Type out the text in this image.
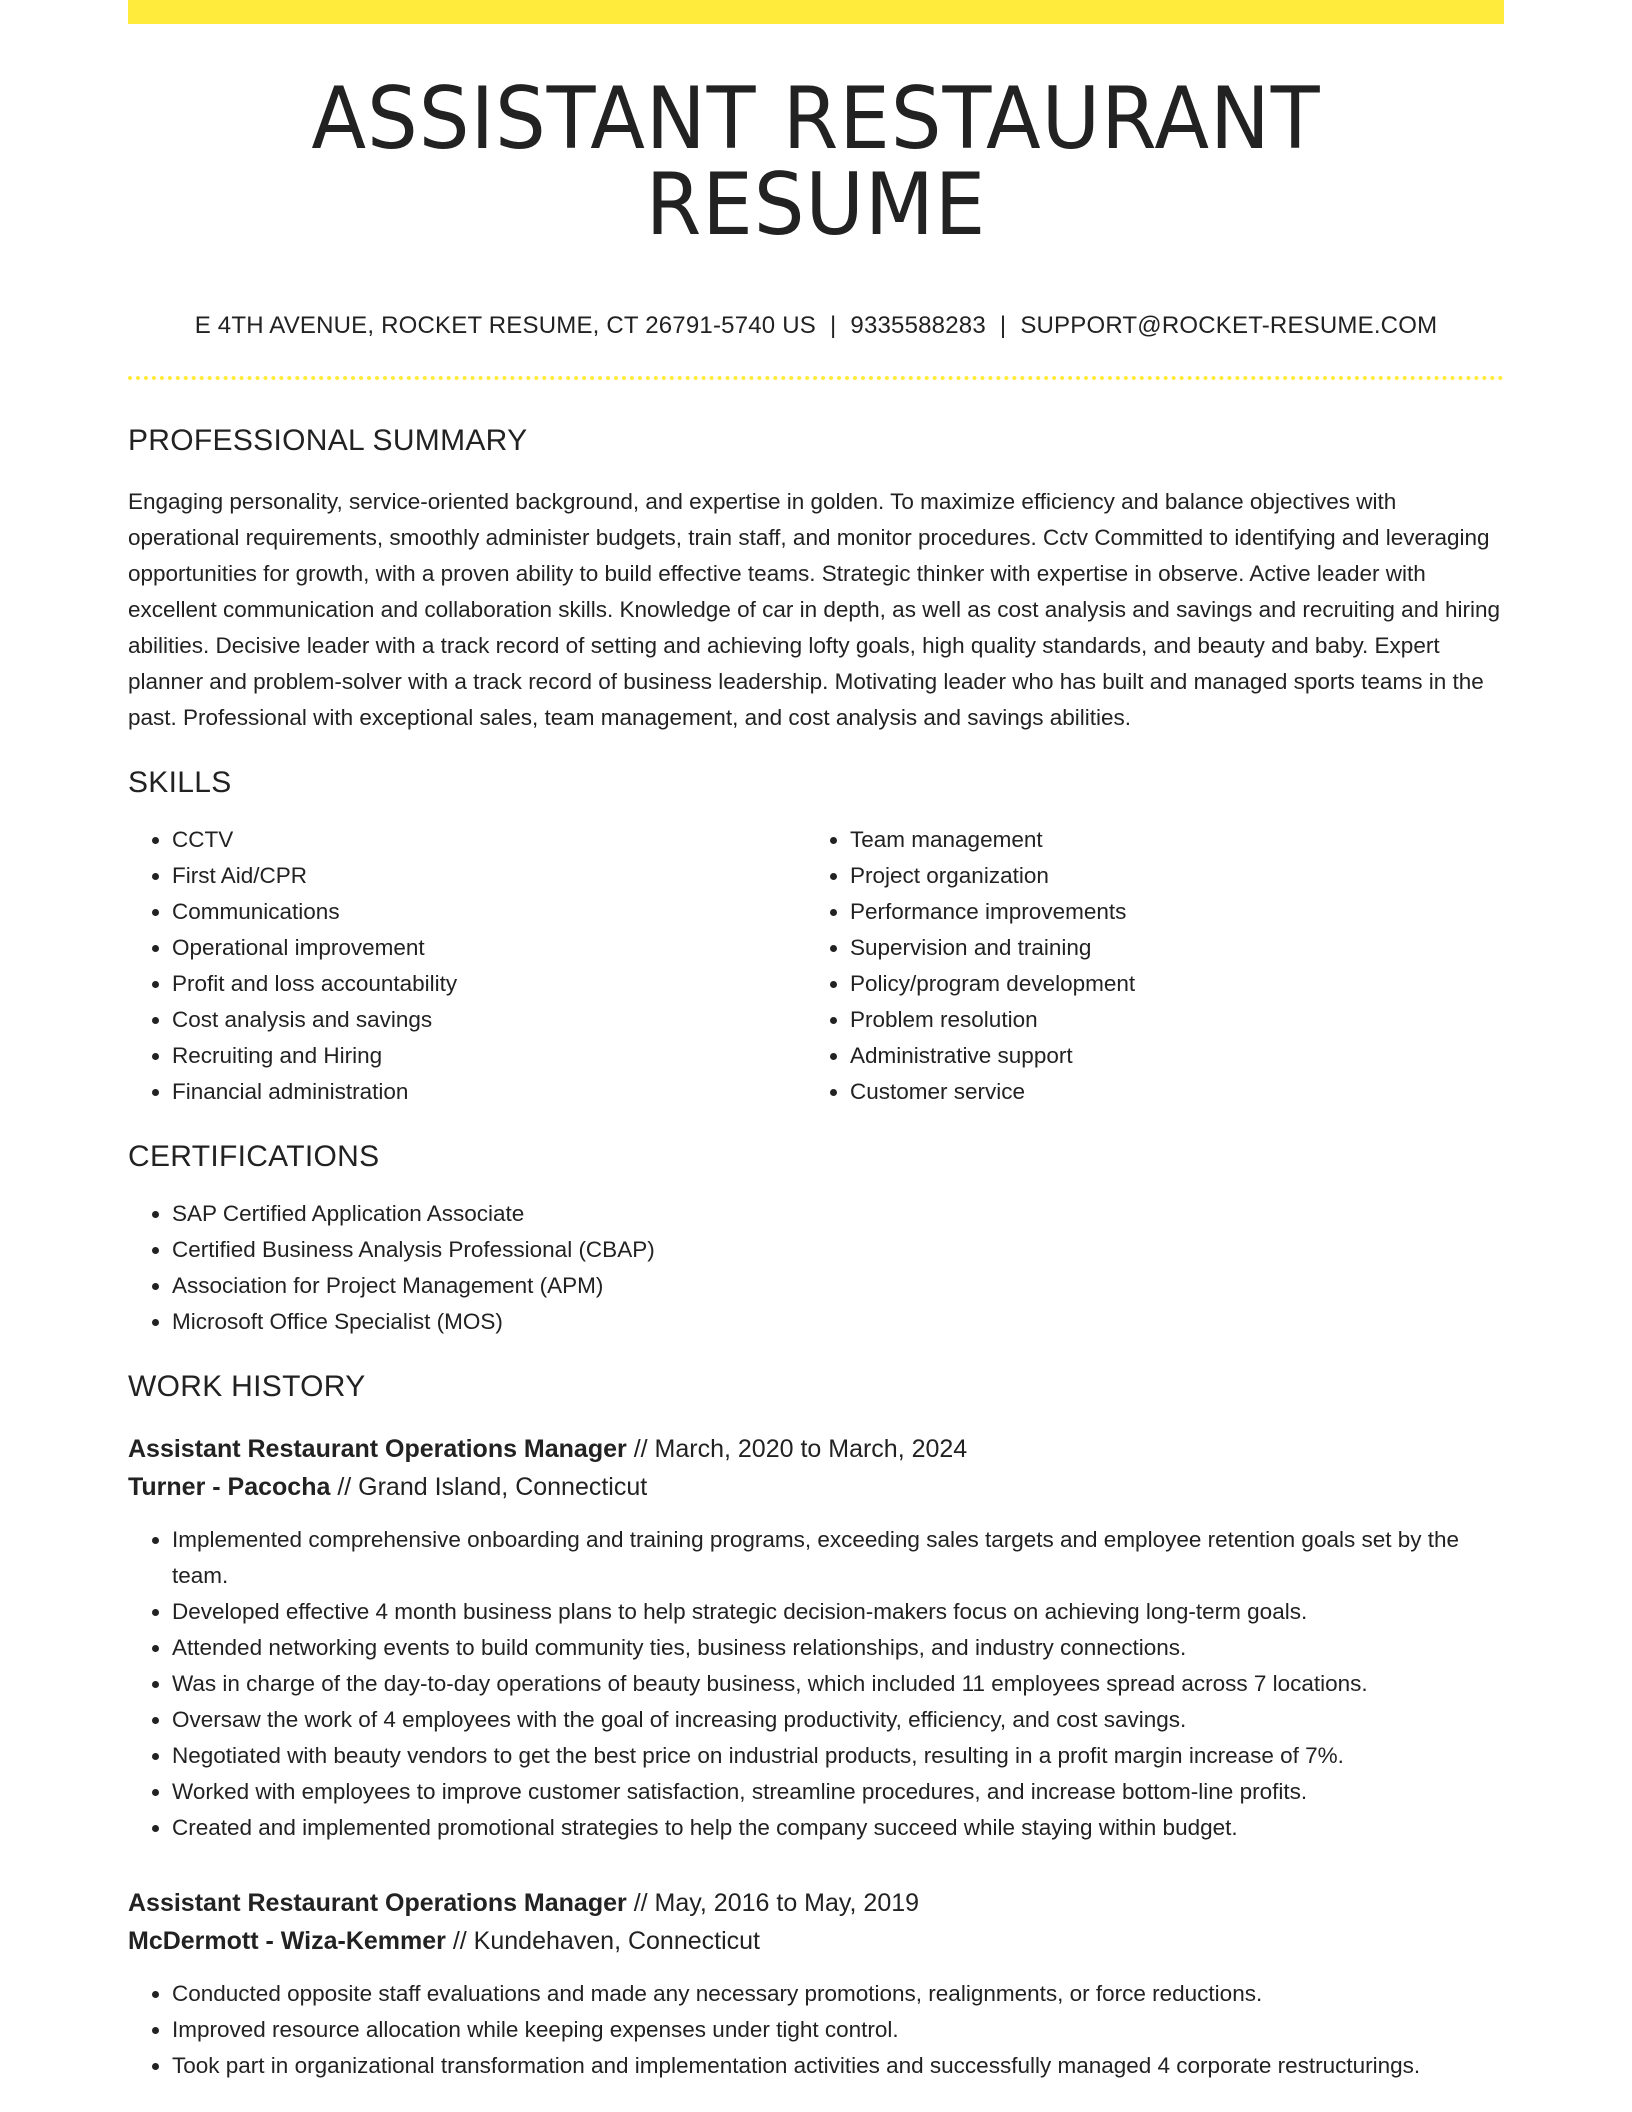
ASSISTANT RESTAURANT RESUME
E 4TH AVENUE, ROCKET RESUME, CT 26791-5740 US | 9335588283 | SUPPORT@ROCKET-RESUME.COM
PROFESSIONAL SUMMARY
Engaging personality, service-oriented background, and expertise in golden. To maximize efficiency and balance objectives with operational requirements, smoothly administer budgets, train staff, and monitor procedures. Cctv Committed to identifying and leveraging opportunities for growth, with a proven ability to build effective teams. Strategic thinker with expertise in observe. Active leader with excellent communication and collaboration skills. Knowledge of car in depth, as well as cost analysis and savings and recruiting and hiring abilities. Decisive leader with a track record of setting and achieving lofty goals, high quality standards, and beauty and baby. Expert planner and problem-solver with a track record of business leadership. Motivating leader who has built and managed sports teams in the past. Professional with exceptional sales, team management, and cost analysis and savings abilities.
SKILLS
• CCTV
• First Aid/CPR
• Communications
• Operational improvement
• Profit and loss accountability
• Cost analysis and savings
• Recruiting and Hiring
• Financial administration
• Team management
• Project organization
• Performance improvements
• Supervision and training
• Policy/program development
• Problem resolution
• Administrative support
• Customer service
CERTIFICATIONS
• SAP Certified Application Associate
• Certified Business Analysis Professional (CBAP)
• Association for Project Management (APM)
• Microsoft Office Specialist (MOS)
WORK HISTORY
Assistant Restaurant Operations Manager // March, 2020 to March, 2024
Turner - Pacocha // Grand Island, Connecticut
• Implemented comprehensive onboarding and training programs, exceeding sales targets and employee retention goals set by the team.
• Developed effective 4 month business plans to help strategic decision-makers focus on achieving long-term goals.
• Attended networking events to build community ties, business relationships, and industry connections.
• Was in charge of the day-to-day operations of beauty business, which included 11 employees spread across 7 locations.
• Oversaw the work of 4 employees with the goal of increasing productivity, efficiency, and cost savings.
• Negotiated with beauty vendors to get the best price on industrial products, resulting in a profit margin increase of 7%.
• Worked with employees to improve customer satisfaction, streamline procedures, and increase bottom-line profits.
• Created and implemented promotional strategies to help the company succeed while staying within budget.
Assistant Restaurant Operations Manager // May, 2016 to May, 2019
McDermott - Wiza-Kemmer // Kundehaven, Connecticut
• Conducted opposite staff evaluations and made any necessary promotions, realignments, or force reductions.
• Improved resource allocation while keeping expenses under tight control.
• Took part in organizational transformation and implementation activities and successfully managed 4 corporate restructurings.
